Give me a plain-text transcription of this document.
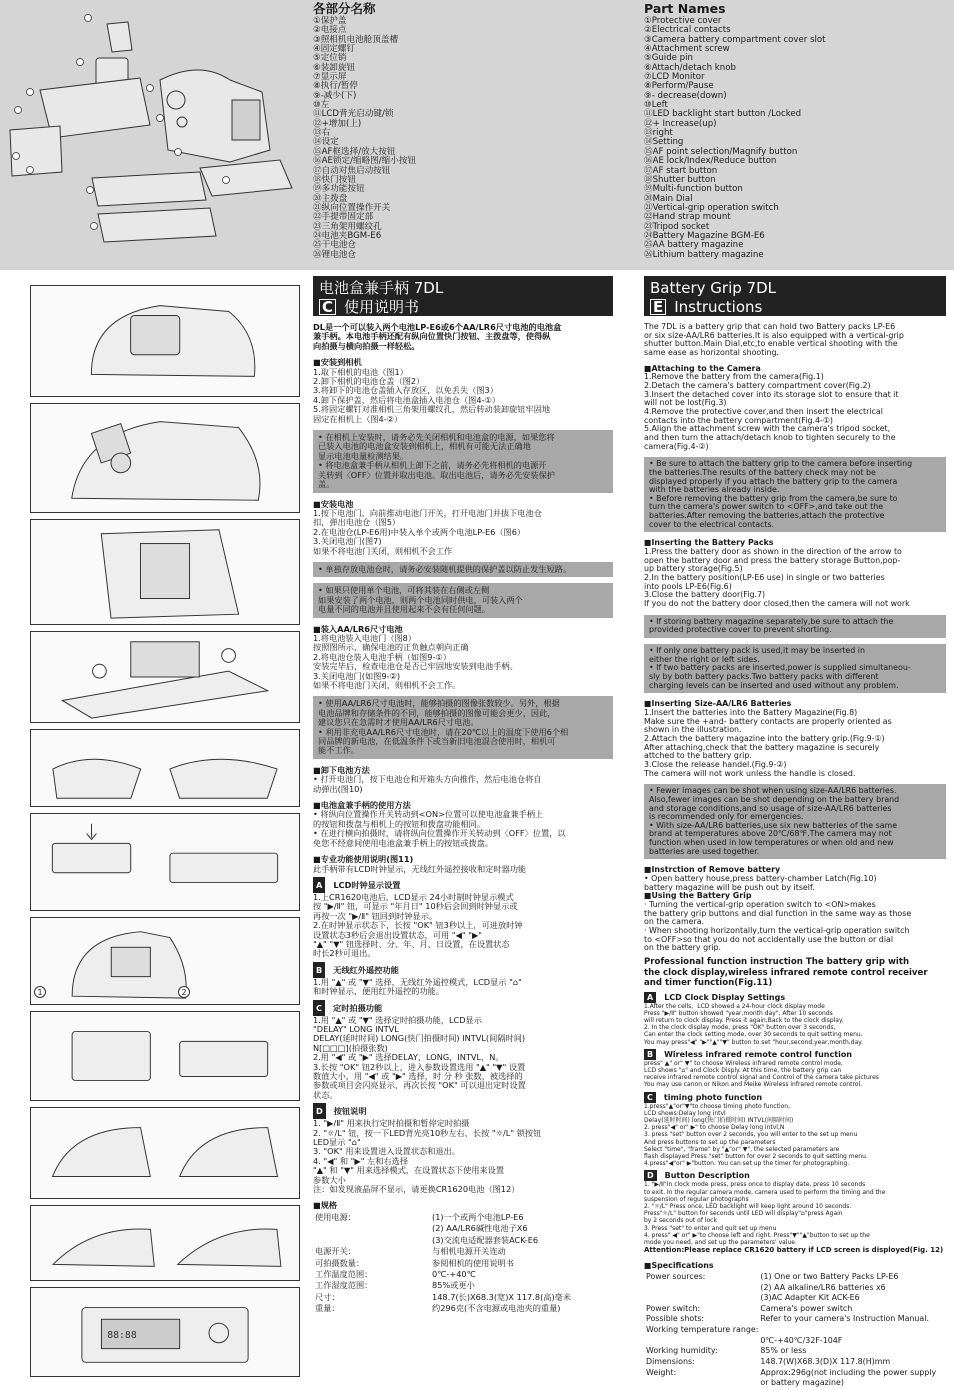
各部分名称
①保护盖
②电接点
③照相机电池舱顶盖槽
④固定螺钉
⑤定位销
⑥装卸旋钮
⑦显示屏
⑧执行/暂停
⑨-减少(下)
⑩左
⑪LCD背光启动键/锁
⑫+增加(上)
⑬右
⑭设定
⑮AF框选择/放大按钮
⑯AE锁定/缩略图/缩小按钮
⑰自动对焦启动按钮
⑱快门按钮
⑲多功能按钮
⑳主拨盘
㉑纵向位置操作开关
㉒手提带固定部
㉓三角架用螺纹孔
㉔电池夹BGM-E6
㉕干电池仓
㉖锂电池仓
Part Names
①Protective cover
②Electrical contacts
③Camera battery compartment cover slot
④Attachment screw
⑤Guide pin
⑥Attach/detach knob
⑦LCD Monitor
⑧Perform/Pause
⑨- decrease(down)
⑩Left
⑪LED backlight start button /Locked
⑫+ Increase(up)
⑬right
⑭Setting
⑮AF point selection/Magnify button
⑯AE lock/Index/Reduce button
⑰AF start button
⑱Shutter button
⑲Multi-function button
⑳Main Dial
㉑Vertical-grip operation switch
㉒Hand strap mount
㉓Tripod socket
㉔Battery Magazine BGM-E6
㉕AA battery magazine
㉖Lithium battery magazine
88:88
1	2
电池盒兼手柄 7DL
C 使用说明书
DL是一个可以装入两个电池LP-E6或6个AA/LR6尺寸电池的电池盒
兼手柄。本电池手柄还配有纵向位置快门按钮、主拨盘等，使得纵
向拍摄与横向拍摄一样轻松。
■安装到相机
1.取下相机的电池（图1）
2.卸下相机的电池仓盖（图2）
3.将卸下的电池仓盖插入存放区，以免丢失（图3）
4.卸下保护盖，然后将电池盒插入电池仓（图4-①）
5.将固定螺钉对准相机三角架用螺纹孔，然后转动装卸旋钮牢固地
固定在相机上（图4-②）
• 在相机上安装时，请务必先关闭相机和电池盒的电源，如果您将
已装入电池的电池盒安装到相机上，相机有可能无法正确地
显示电池电量检测结果。
• 将电池盒兼手柄从相机上卸下之前，请务必先将相机的电源开
关转到〈OFF〉位置并取出电池。取出电池后，请务必先安装保护
盖。
■安装电池
1.按下电池门，向前推动电池门开关，打开电池门并拔下电池仓
扣，弹出电池仓（图5）
2.在电池仓(LP-E6用)中装入单个或两个电池LP-E6（图6）
3.关闭电池门(图7)
如果不将电池门关闭，则相机不会工作
• 单独存放电池仓时，请务必安装随机提供的保护盖以防止发生短路。
• 如果只使用单个电池，可将其装在右侧或左侧
如果安装了两个电池，则两个电池同时供电，可装入两个
电量不同的电池并且使用起来不会有任何问题。
■装入AA/LR6尺寸电池
1.将电池装入电池门（图8）
按照图所示，确保电池的正负触点朝向正确
2.将电池仓装入电池手柄（如图9-①）
安装完毕后，检查电池仓是否已牢固地安装到电池手柄。
3.关闭电池门(如图9-②)
如果不将电池门关闭，则相机不会工作。
• 使用AA/LR6尺寸电池时，能够拍摄的图像张数较少。另外，根据
电池品牌和存储条件的不同，能够拍摄的图像可能会更少，因此，
建议您只在急需时才使用AA/LR6尺寸电池。
• 利用非充电AA/LR6尺寸电池时，请在20℃以上的温度下使用6个相
同品牌的新电池，在低温条件下或当新旧电池混合使用时，相机可
能不工作。
■卸下电池方法
• 打开电池门，按下电池仓和开箱头方向推作，然后电池仓将自
动弹出(图10)
■电池盒兼手柄的使用方法
• 将纵向位置操作开关转动到<ON>位置可以使电池盒兼手柄上
的按钮和拨盘与相机上的按钮和拨盘功能相同。
• 在进行横向拍摄时，请将纵向位置操作开关转动到〈OFF〉位置，以
免您不经意间使用电池盒兼手柄上的按钮或拨盘。
■专业功能使用说明(图11)
此手柄带有LCD时钟显示，无线红外遥控接收和定时器功能
A LCD时钟显示设置
1.上CR1620电池后，LCD显示 24小时制时钟显示模式
按 "▶/Ⅱ" 钮，可显示 "年月日" 10秒后会回到时钟显示或
再按一次 "▶/Ⅱ" 钮回到时钟显示。
2.在时钟显示状态下，长按 "OK" 钮3秒以上，可进放时钟
设置状态3秒后会退出设置状态，可用 "◀" "▶"
"▲" "▼" 钮选择时、分、年、月、日设置，在设置状态
时长2秒可退出。
B 无线红外遥控功能
1.用 "▲" 或 "▼" 选择，无线红外遥控模式，LCD显示 "⌂"
和时钟显示，便用红外遥控的功能。
C 定时拍摄功能
1.用 "▲" 或 "▼" 选择定时拍摄功能，LCD显示
"DELAY" LONG INTVL
DELAY(延时时间) LONG(快门拍摄时间) INTVL(间隔时间)
N[□□□](拍摄张数)
2.用 "◀" 或 "▶" 选择DELAY，LONG，INTVL，N。
3.长按 "OK" 钮2秒以上，进入参数设置选用 "▲" "▼" 设置
数值大小，用 "◀" 或 "▶" 选择，时 分 秒 张数，被选择的
参数或项目会闪亮显示，再次长按 "OK" 可以退出定时设置
状态。
D 按钮说明
1. "▶/Ⅱ" 用来执行定时拍摄和暂停定时拍摄
2. "☼/L" 钮，按一下LED背光亮10秒左右，长按 "☼/L" 锁按钮
LED显示 "⌂"
3. "OK" 用来设置进入设置状态和退出。
4. "◀" 和 "▶" 左和右选择
"▲" 和 "▼" 用来选择模式，在设置状态下使用来设置
参数大小
注：如发现液晶屏不显示，请更换CR1620电池（图12）
■规格
使用电源：	(1)一个或两个电池LP-E6
	(2) AA/LR6碱性电池子X6
	(3)交流电适配器套装ACK-E6
电源开关：	与相机电源开关连动
可拍摄数量：	参阅相机的使用说明书
工作温度范围：	0℃-+40℃
工作湿度范围：	85%或更小
尺寸：	148.7(长)X68.3(宽)X 117.8(高)毫米
重量：	约296克(不含电源或电池夹的重量)
Battery Grip 7DL
E Instructions
The 7DL is a battery grip that can hold two Battery packs LP-E6
or six size-AA/LR6 batteries.It is also equipped with a vertical-grip
shutter button.Main Dial,etc,to enable vertical shooting with the
same ease as horizontal shooting.
■Attaching to the Camera
1.Remove the battery from the camera(Fig.1)
2.Detach the camera's battery compartment cover(Fig.2)
3.Insert the detached cover into its storage slot to ensure that it
will not be lost(Fig.3)
4.Remove the protective cover,and then insert the electrical
contacts into the battery compartment(Fig.4-①)
5.Align the attachment screw with the camera's tripod socket,
and then turn the attach/detach knob to tighten securely to the
camera(Fig.4-②)
• Be sure to attach the battery grip to the camera before inserting
the batteries.The results of the battery check may not be
displayed properly if you attach the battery grip to the camera
with the batteries already inside.
• Before removing the battery grip from the camera,be sure to
turn the camera's power switch to <OFF>,and take out the
batteries.After removing the batteries,attach the protective
cover to the electrical contacts.
■Inserting the Battery Packs
1.Press the battery door as shown in the direction of the arrow to
open the battery door and press the battery storage Button,pop-
up battery storage(Fig.5)
2.In the battery position(LP-E6 use) in single or two batteries
into pools LP-E6(Fig.6)
3.Close the battery door(Fig.7)
If you do not the battery door closed,then the camera will not work
• If storing battery magazine separately,be sure to attach the
provided protective cover to prevent shorting.
• If only one battery pack is used,it may be inserted in
either the right or left sides.
• If two battery packs are inserted,power is supplied simultaneou-
sly by both battery packs.Two battery packs with different
charging levels can be inserted and used without any problem.
■Inserting Size-AA/LR6 Batteries
1.Insert the batteries into the Battery Magazine(Fig.8)
Make sure the +and- battery contacts are properly oriented as
shown in the illustration.
2.Attach the battery magazine into the battery grip.(Fig.9-①)
After attaching,check that the battery magazine is securely
attched to the battery grip.
3.Close the release handel.(Fig.9-②)
The camera will not work unless the handle is closed.
• Fewer images can be shot when using size-AA/LR6 batteries.
Also,fewer images can be shot depending on the battery brand
and storage conditions,and so usage of size-AA/LR6 batteries
is recommended only for emergencies.
• With size-AA/LR6 batteries,use six new batteries of the same
brand at temperatures above 20℃/68℉.The camera may not
function when used in low temperatures or when old and new
batteries are used together.
■Instrction of Remove battery
• Open battery house,press battery-chamber Latch(Fig.10)
battery magazine will be push out by itself.
■Using the Battery Grip
· Turning the vertical-grip operation switch to <ON>makes
the battery grip buttons and dial function in the same way as those
on the camera.
· When shooting horizontally,turn the vertical-grip operation switch
to <OFF>so that you do not accidentally use the button or dial
on the battery grip.
Professional function instruction The battery grip with
the clock display,wireless infrared remote control receiver
and timer function(Fig.11)
A LCD Clock Display Settings
1.After the cells，LCD showed a 24-hour clock display mode
Press "▶/Ⅱ" button showed "year,month day", After 10 seconds
will return to clock display. Press it again,Back to the clock display.
2. In the clock display mode, press "OK" button over 3 seconds,
Can enter the clock setting mode, over 30 seconds to quit setting menu.
You may press"◀" "▶""▲""▼" button to set "hour,second,year,month,day.
B Wireless infrared remote control function
press" ▲" or" ▼" to choose Wireless infrared remote control mode,
LCD shows "⌂" and Clock Disply. At this time, the battery grip can
receive infrared remote control signal and Control of the camera take pictures
You may use canon or Nikon and Meike Wireless infrared remote control.
C timing photo function
1.press"▲"or"▼"to choose timing photo function,
LCD shows:Delay long intvl
Delay(延时时间) long(快门拍摄时间) INTVL(间隔时间)
2. press"◀" or" ▶" to choose Delay long intvl,N
3. press "set" button over 2 seconds, you will enter to the set up menu
And press buttons to set up the parameters
Select "time", "frame" by "▲"or" ▼", the selected parameters are
flash displayed.Press "set" button for over 2 seconds to quit setting menu.
4.press"◀"or" ▶"button. You can set up the timer for photographing.
D Button Description
1. "▶/Ⅱ"In clock mode press, press once to display date, press 10 seconds
to exit. In the regular camera mode, camera used to perform the timing and the
suspension of regular photographs
2. "☼/L" Press once, LED backlight will keep light around 10 seconds.
Press"☼/L" button for seconds until LED will display"⌂"press Again
by 2 seconds out of lock
3. Press "set" to enter and quit set up menu
4. press" ◀" or" ▶"to choose left and right. Press"▼""▲"button to set up the
mode you need, and set up the parameters' value.
Attention:Please replace CR1620 battery if LCD screen is disployed(Fig. 12)
■Specifications
Power sources:	(1) One or two Battery Packs LP-E6
	(2) AA alkaline/LR6 batteries x6
	(3)AC Adapter Kit ACK-E6
Power switch:	Camera's power switch
Possible shots:	Refer to your camera's Instruction Manual.
Working temperature range:	
	0℃-+40℃/32F-104F
Working humidity:	85% or less
Dimensions:	148.7(W)X68.3(D)X 117.8(H)mm
Weight:	Approx:296g(not including the power supply
	or battery magazine)
